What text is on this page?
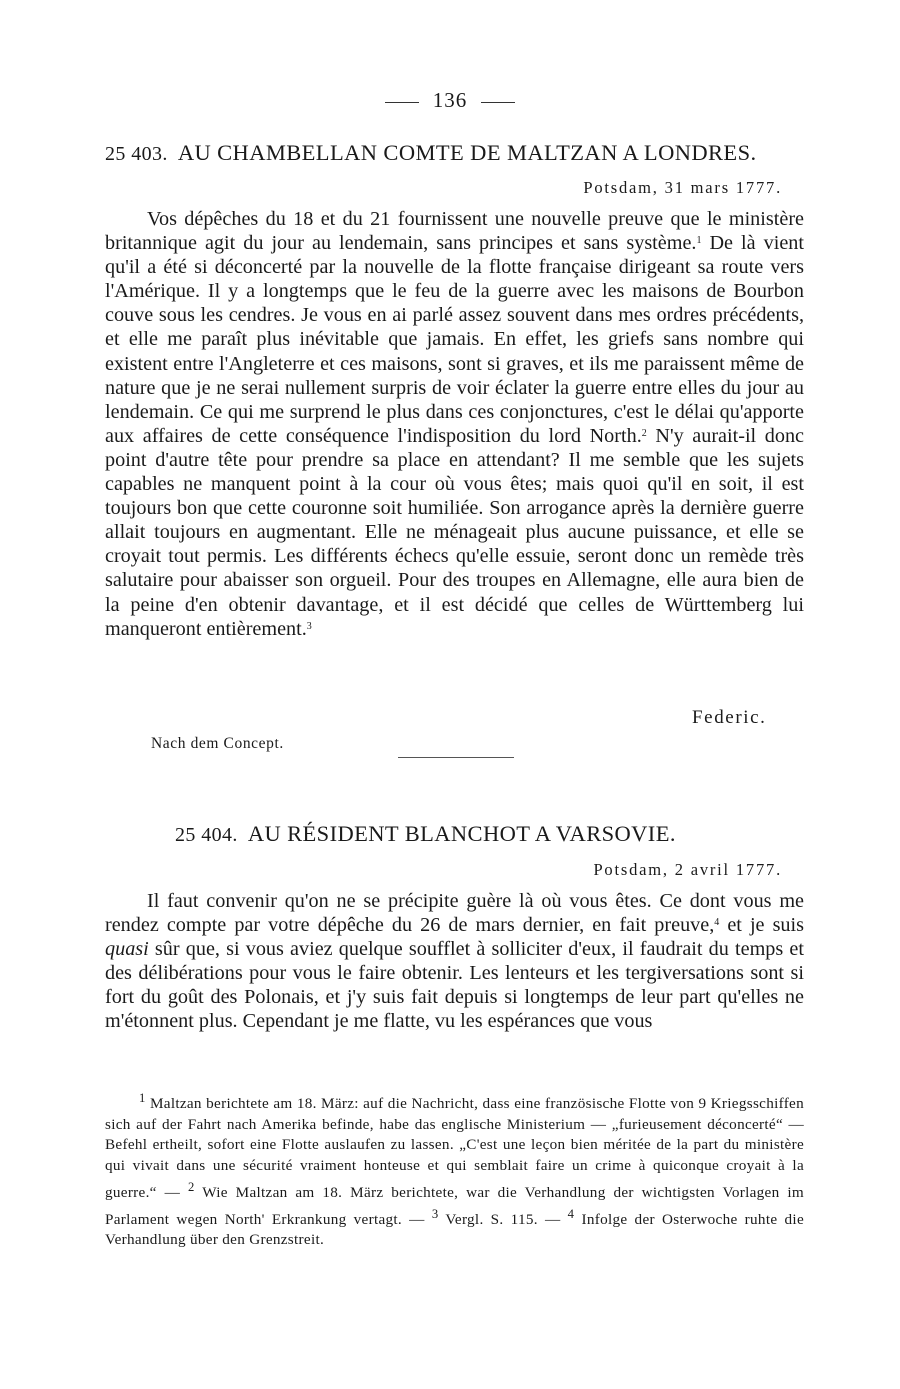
136
25 403. AU CHAMBELLAN COMTE DE MALTZAN A LONDRES.
Potsdam, 31 mars 1777.
Vos dépêches du 18 et du 21 fournissent une nouvelle preuve que le ministère britannique agit du jour au lendemain, sans principes et sans système.$^1$ De là vient qu'il a été si déconcerté par la nouvelle de la flotte française dirigeant sa route vers l'Amérique. Il y a longtemps que le feu de la guerre avec les maisons de Bourbon couve sous les cendres. Je vous en ai parlé assez souvent dans mes ordres précédents, et elle me paraît plus inévitable que jamais. En effet, les griefs sans nombre qui existent entre l'Angleterre et ces maisons, sont si graves, et ils me paraissent même de nature que je ne serai nullement surpris de voir éclater la guerre entre elles du jour au lendemain. Ce qui me surprend le plus dans ces conjonctures, c'est le délai qu'apporte aux affaires de cette conséquence l'indisposition du lord North.$^2$ N'y aurait-il donc point d'autre tête pour prendre sa place en attendant? Il me semble que les sujets capables ne manquent point à la cour où vous êtes; mais quoi qu'il en soit, il est toujours bon que cette couronne soit humiliée. Son arrogance après la dernière guerre allait toujours en augmentant. Elle ne ménageait plus aucune puissance, et elle se croyait tout permis. Les différents échecs qu'elle essuie, seront donc un remède très salutaire pour abaisser son orgueil. Pour des troupes en Allemagne, elle aura bien de la peine d'en obtenir davantage, et il est décidé que celles de Württemberg lui manqueront entièrement.$^3$
Federic.
Nach dem Concept.
25 404. AU RÉSIDENT BLANCHOT A VARSOVIE.
Potsdam, 2 avril 1777.
Il faut convenir qu'on ne se précipite guère là où vous êtes. Ce dont vous me rendez compte par votre dépêche du 26 de mars dernier, en fait preuve,$^4$ et je suis quasi sûr que, si vous aviez quelque soufflet à solliciter d'eux, il faudrait du temps et des délibérations pour vous le faire obtenir. Les lenteurs et les tergiversations sont si fort du goût des Polonais, et j'y suis fait depuis si longtemps de leur part qu'elles ne m'étonnent plus. Cependant je me flatte, vu les espérances que vous
$^1$ Maltzan berichtete am 18. März: auf die Nachricht, dass eine französische Flotte von 9 Kriegsschiffen sich auf der Fahrt nach Amerika befinde, habe das englische Ministerium — „furieusement déconcerté“ — Befehl ertheilt, sofort eine Flotte auslaufen zu lassen. „C'est une leçon bien méritée de la part du ministère qui vivait dans une sécurité vraiment honteuse et qui semblait faire un crime à quiconque croyait à la guerre.“ — $^2$ Wie Maltzan am 18. März berichtete, war die Verhandlung der wichtigsten Vorlagen im Parlament wegen North' Erkrankung vertagt. — $^3$ Vergl. S. 115. — $^4$ Infolge der Osterwoche ruhte die Verhandlung über den Grenzstreit.
